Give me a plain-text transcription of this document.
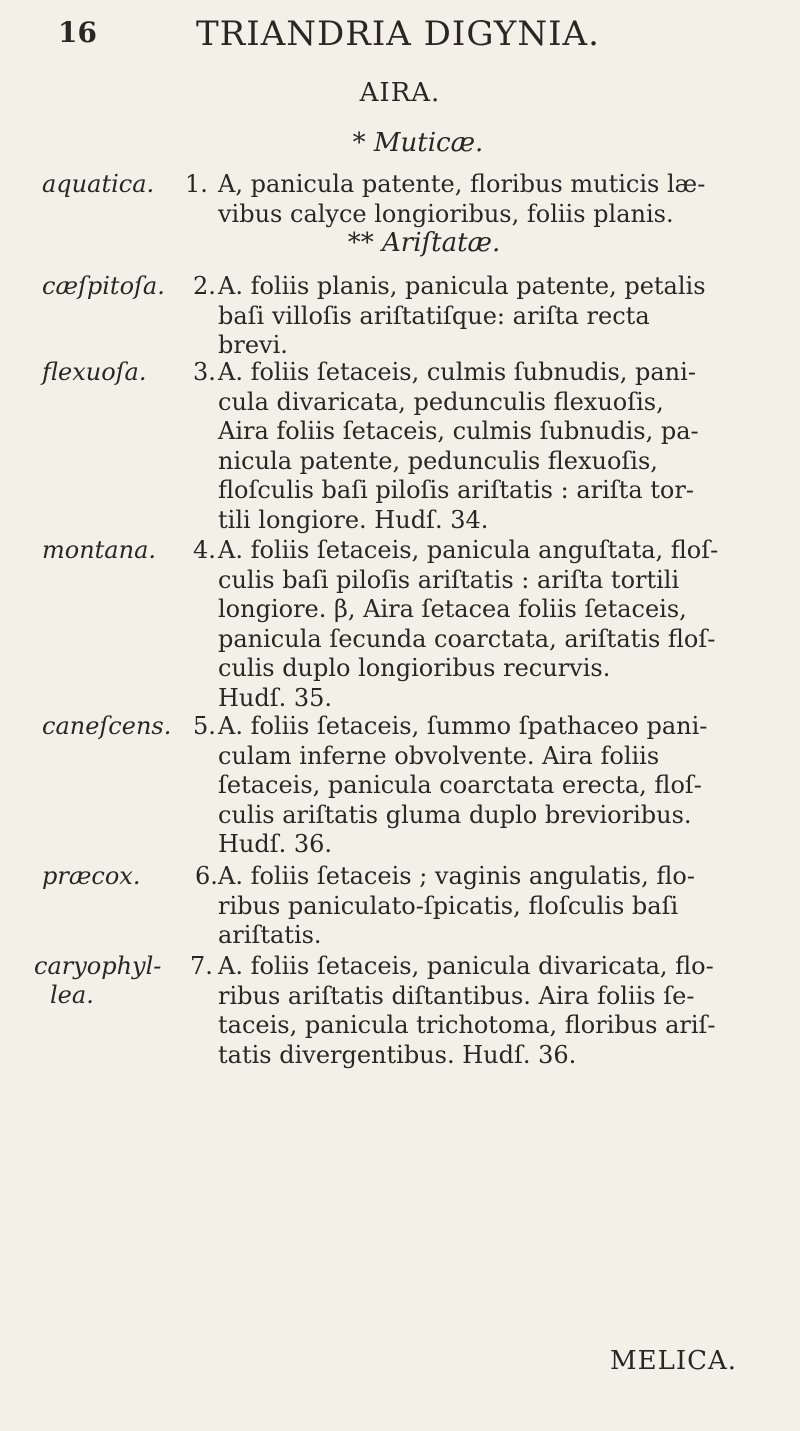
16	TRIANDRIA DIGYNIA.
AIRA.
* Muticæ.
aquatica. 1. A, panicula patente, floribus muticis læ-
vibus calyce longioribus, foliis planis.
** Ariſtatæ.
cæſpitoſa. 2. A. foliis planis, panicula patente, petalis
baſi villoſis ariſtatiſque: ariſta recta
brevi.
flexuoſa. 3. A. foliis ſetaceis, culmis ſubnudis, pani-
cula divaricata, pedunculis flexuoſis,
Aira foliis ſetaceis, culmis ſubnudis, pa-
nicula patente, pedunculis flexuoſis,
floſculis baſi piloſis ariſtatis : ariſta tor-
tili longiore. Hudſ. 34.
montana. 4. A. foliis ſetaceis, panicula anguſtata, floſ-
culis baſi piloſis ariſtatis : ariſta tortili
longiore. β, Aira ſetacea foliis ſetaceis,
panicula ſecunda coarctata, ariſtatis floſ-
culis duplo longioribus recurvis.
Hudſ. 35.
caneſcens. 5. A. foliis ſetaceis, ſummo ſpathaceo pani-
culam inferne obvolvente. Aira foliis
ſetaceis, panicula coarctata erecta, floſ-
culis ariſtatis gluma duplo brevioribus.
Hudſ. 36.
præcox. 6. A. foliis ſetaceis ; vaginis angulatis, flo-
ribus paniculato-ſpicatis, floſculis baſi
ariſtatis.
caryophyl-
lea.
7. A. foliis ſetaceis, panicula divaricata, flo-
ribus ariſtatis diſtantibus. Aira foliis ſe-
taceis, panicula trichotoma, floribus ariſ-
tatis divergentibus. Hudſ. 36.
MELICA.
